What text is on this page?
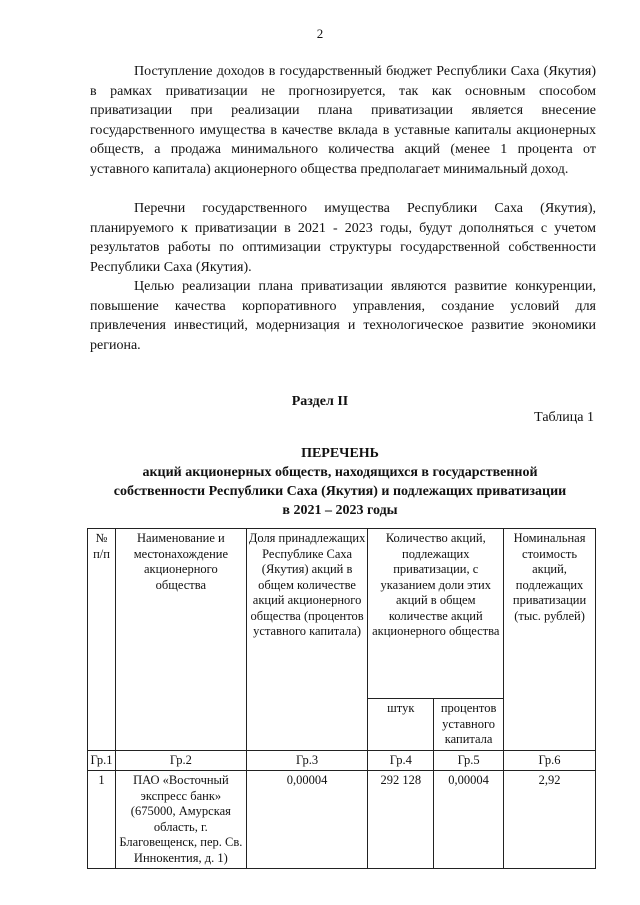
2

Поступление доходов в государственный бюджет Республики Саха (Якутия) в рамках приватизации не прогнозируется, так как основным способом приватизации при реализации плана приватизации является внесение государственного имущества в качестве вклада в уставные капиталы акционерных обществ, а продажа минимального количества акций (менее 1 процента от уставного капитала) акционерного общества предполагает минимальный доход.

Перечни государственного имущества Республики Саха (Якутия), планируемого к приватизации в 2021 - 2023 годы, будут дополняться с учетом результатов работы по оптимизации структуры государственной собственности Республики Саха (Якутия).

Целью реализации плана приватизации являются развитие конкуренции, повышение качества корпоративного управления, создание условий для привлечения инвестиций, модернизация и технологическое развитие экономики региона.

Раздел II
Таблица 1
ПЕРЕЧЕНЬ
акций акционерных обществ, находящихся в государственной
собственности Республики Саха (Якутия) и подлежащих приватизации
в 2021 – 2023 годы
№ п/п	Наименование и местонахождение акционерного общества	Доля принадлежащих Республике Саха (Якутия) акций в общем количестве акций акционерного общества (процентов уставного капитала)	Количество акций, подлежащих приватизации, с указанием доли этих акций в общем количестве акций акционерного общества		Номинальная стоимость акций, подлежащих приватизации (тыс. рублей)
			штук	процентов уставного капитала	
Гр.1	Гр.2	Гр.3	Гр.4	Гр.5	Гр.6
1	ПАО «Восточный экспресс банк» (675000, Амурская область, г. Благовещенск, пер. Св. Иннокентия, д. 1)	0,00004	292 128	0,00004	2,92
